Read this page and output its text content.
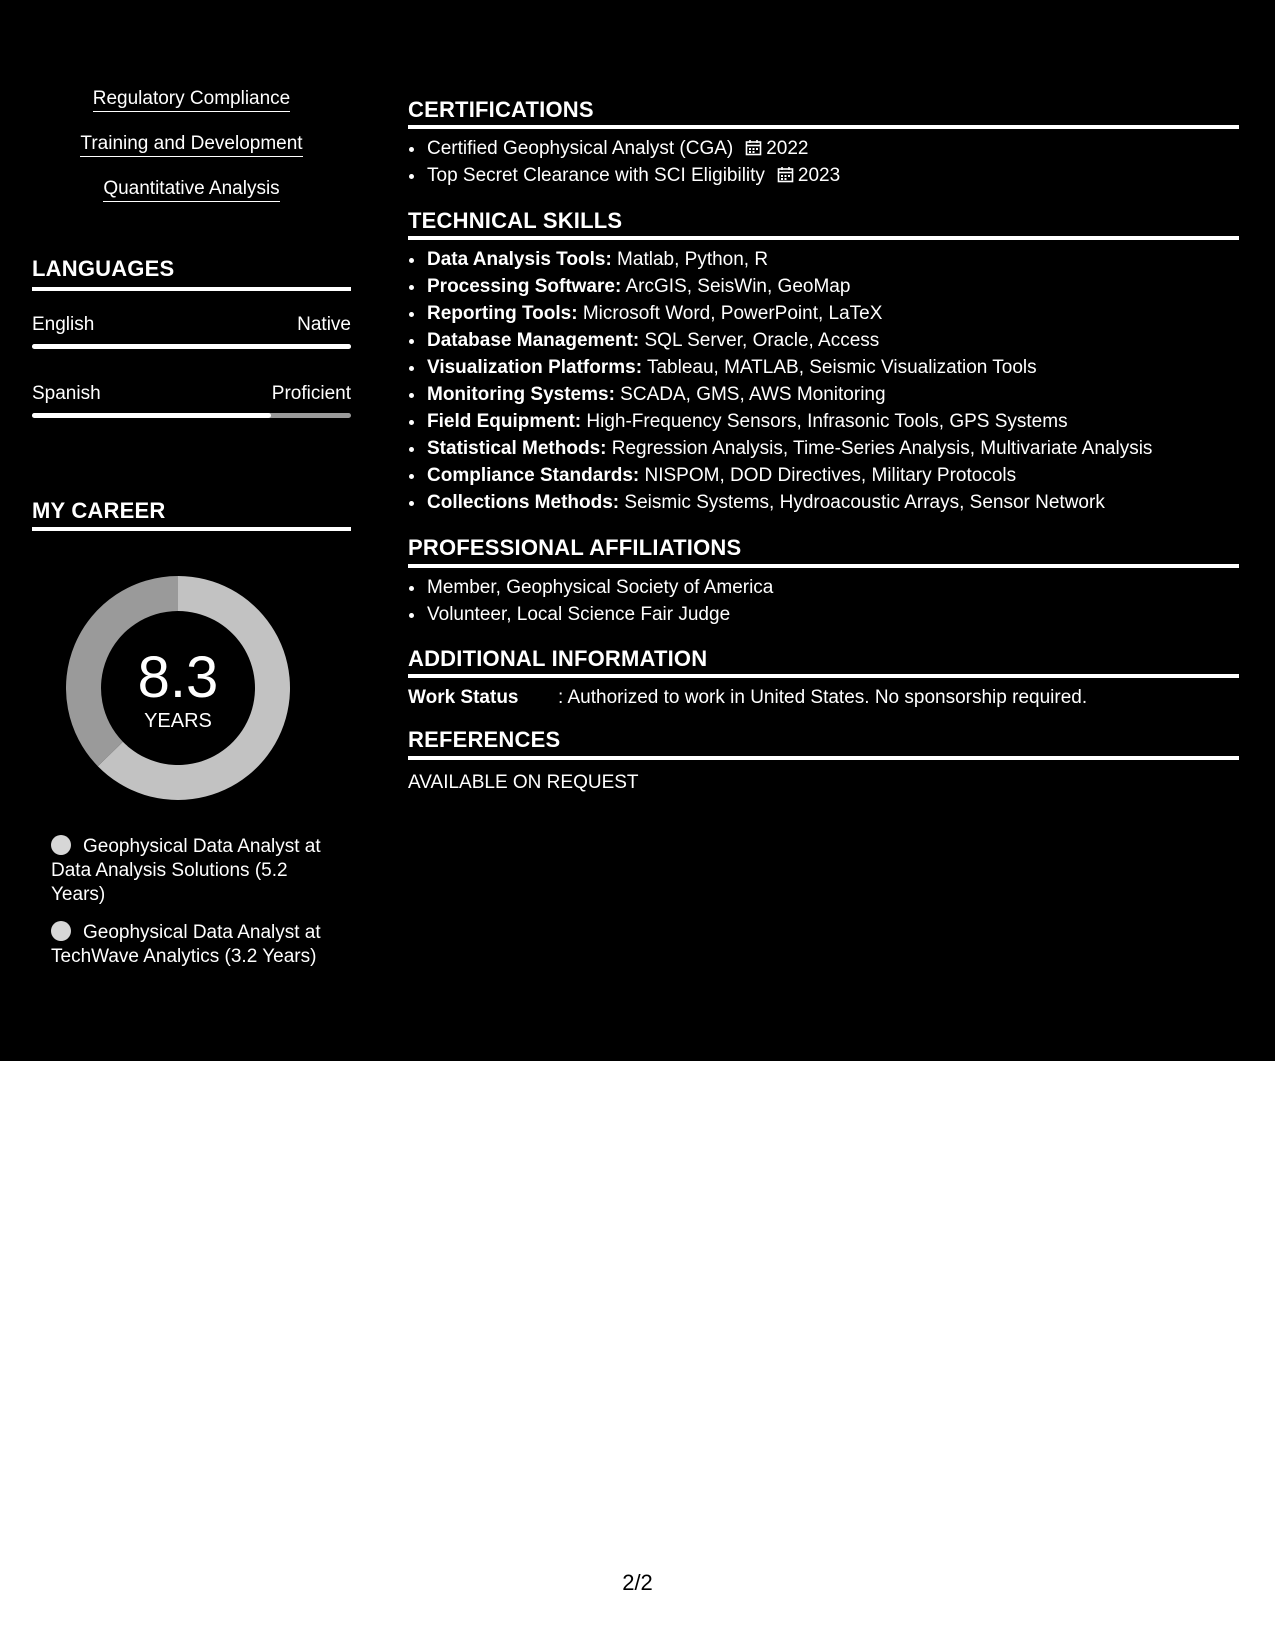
Regulatory Compliance
Training and Development
Quantitative Analysis
LANGUAGES
English	Native
Spanish	Proficient
MY CAREER
8.3
YEARS
Geophysical Data Analyst at Data Analysis Solutions (5.2 Years)
Geophysical Data Analyst at TechWave Analytics (3.2 Years)
CERTIFICATIONS
• Certified Geophysical Analyst (CGA) 2022
• Top Secret Clearance with SCI Eligibility 2023
TECHNICAL SKILLS
• Data Analysis Tools: Matlab, Python, R
• Processing Software: ArcGIS, SeisWin, GeoMap
• Reporting Tools: Microsoft Word, PowerPoint, LaTeX
• Database Management: SQL Server, Oracle, Access
• Visualization Platforms: Tableau, MATLAB, Seismic Visualization Tools
• Monitoring Systems: SCADA, GMS, AWS Monitoring
• Field Equipment: High-Frequency Sensors, Infrasonic Tools, GPS Systems
• Statistical Methods: Regression Analysis, Time-Series Analysis, Multivariate Analysis
• Compliance Standards: NISPOM, DOD Directives, Military Protocols
• Collections Methods: Seismic Systems, Hydroacoustic Arrays, Sensor Network
PROFESSIONAL AFFILIATIONS
• Member, Geophysical Society of America
• Volunteer, Local Science Fair Judge
ADDITIONAL INFORMATION
Work Status : Authorized to work in United States. No sponsorship required.
REFERENCES
AVAILABLE ON REQUEST
2/2
